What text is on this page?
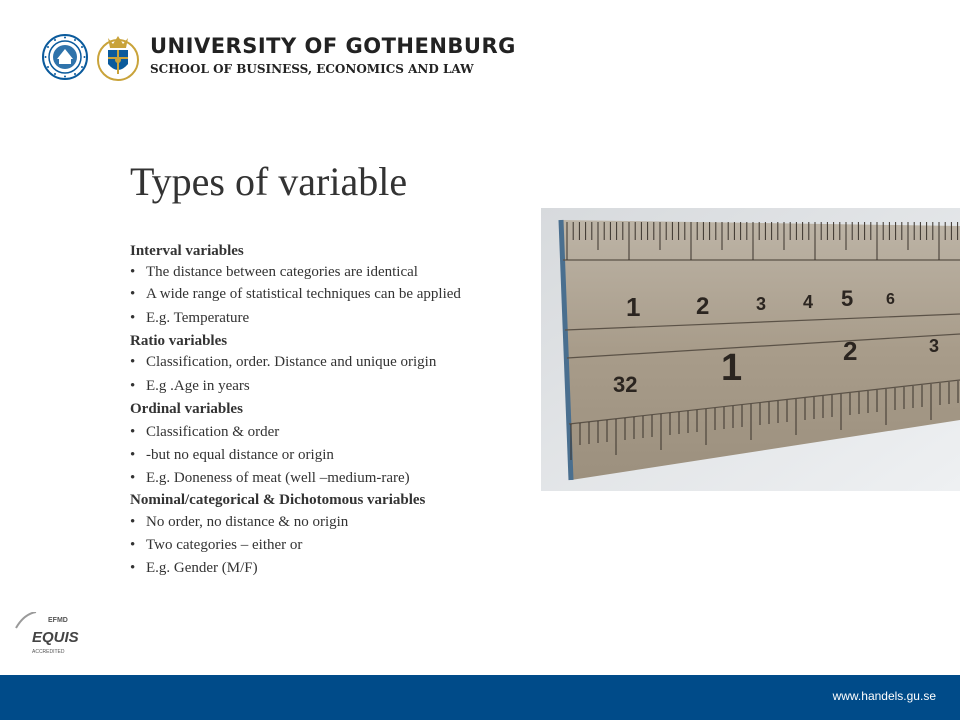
UNIVERSITY OF GOTHENBURG
SCHOOL OF BUSINESS, ECONOMICS AND LAW
Types of variable
Interval variables
• The distance between categories are identical
• A wide range of statistical techniques can be applied
• E.g. Temperature
Ratio variables
• Classification, order. Distance and unique origin
• E.g .Age in years
Ordinal variables
• Classification & order
• -but no equal distance or origin
• E.g. Doneness of meat (well –medium-rare)
Nominal/categorical & Dichotomous variables
• No order, no distance & no origin
• Two categories – either or
• E.g. Gender (M/F)
1 2	3 4 5 6
32 1	2	3
EFMD
EQUIS
ACCREDITED
www.handels.gu.se
